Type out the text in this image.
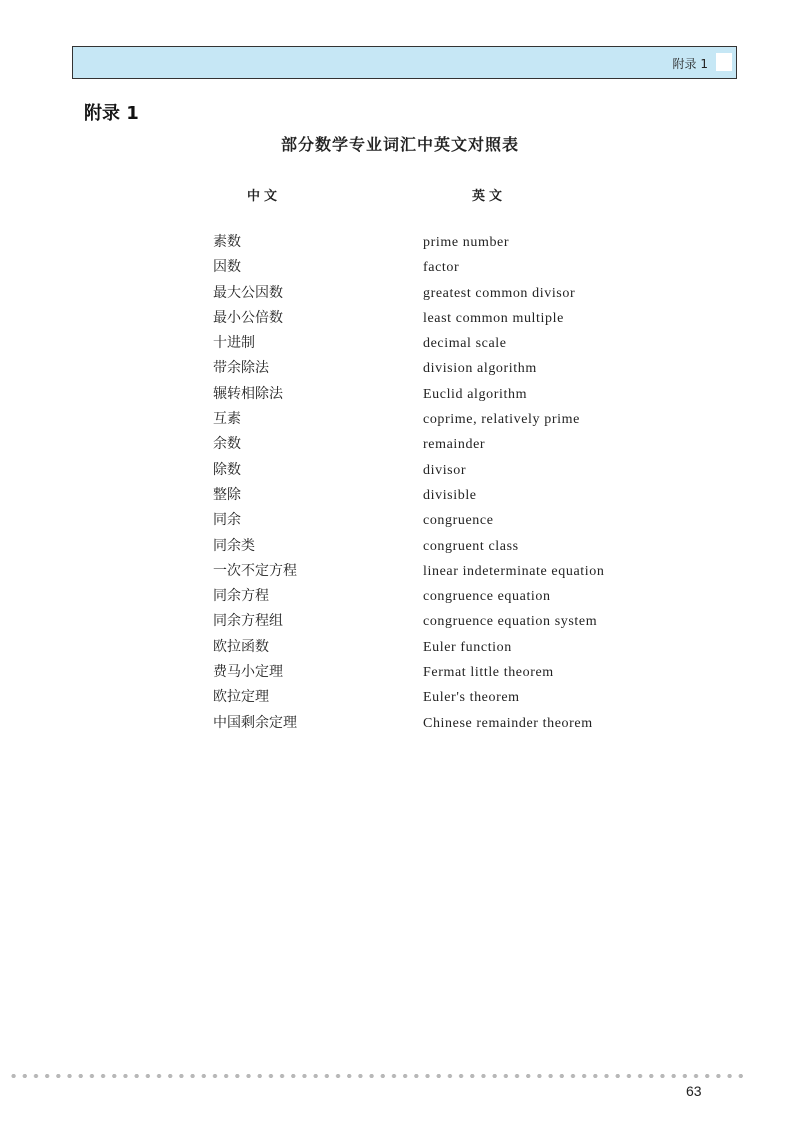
附录 1
附录 1
部分数学专业词汇中英文对照表
中文	英文
素数	prime number
因数	factor
最大公因数	greatest common divisor
最小公倍数	least common multiple
十进制	decimal scale
带余除法	division algorithm
辗转相除法	Euclid algorithm
互素	coprime, relatively prime
余数	remainder
除数	divisor
整除	divisible
同余	congruence
同余类	congruent class
一次不定方程	linear indeterminate equation
同余方程	congruence equation
同余方程组	congruence equation system
欧拉函数	Euler function
费马小定理	Fermat little theorem
欧拉定理	Euler's theorem
中国剩余定理	Chinese remainder theorem
63
